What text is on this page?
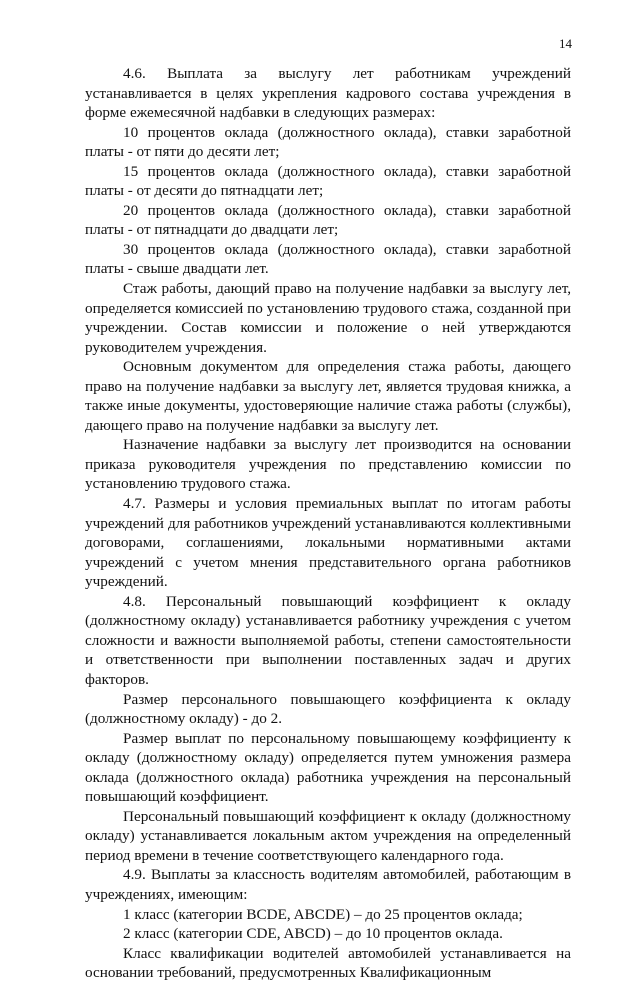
14

4.6. Выплата за выслугу лет работникам учреждений устанавливается в целях укрепления кадрового состава учреждения в форме ежемесячной надбавки в следующих размерах:

10 процентов оклада (должностного оклада), ставки заработной платы - от пяти до десяти лет;

15 процентов оклада (должностного оклада), ставки заработной платы - от десяти до пятнадцати лет;

20 процентов оклада (должностного оклада), ставки заработной платы - от пятнадцати до двадцати лет;

30 процентов оклада (должностного оклада), ставки заработной платы - свыше двадцати лет.

Стаж работы, дающий право на получение надбавки за выслугу лет, определяется комиссией по установлению трудового стажа, созданной при учреждении. Состав комиссии и положение о ней утверждаются руководителем учреждения.

Основным документом для определения стажа работы, дающего право на получение надбавки за выслугу лет, является трудовая книжка, а также иные документы, удостоверяющие наличие стажа работы (службы), дающего право на получение надбавки за выслугу лет.

Назначение надбавки за выслугу лет производится на основании приказа руководителя учреждения по представлению комиссии по установлению трудового стажа.

4.7. Размеры и условия премиальных выплат по итогам работы учреждений для работников учреждений устанавливаются коллективными договорами, соглашениями, локальными нормативными актами учреждений с учетом мнения представительного органа работников учреждений.

4.8. Персональный повышающий коэффициент к окладу (должностному окладу) устанавливается работнику учреждения с учетом сложности и важности выполняемой работы, степени самостоятельности и ответственности при выполнении поставленных задач и других факторов.

Размер персонального повышающего коэффициента к окладу (должностному окладу) - до 2.

Размер выплат по персональному повышающему коэффициенту к окладу (должностному окладу) определяется путем умножения размера оклада (должностного оклада) работника учреждения на персональный повышающий коэффициент.

Персональный повышающий коэффициент к окладу (должностному окладу) устанавливается локальным актом учреждения на определенный период времени в течение соответствующего календарного года.

4.9. Выплаты за классность водителям автомобилей, работающим в учреждениях, имеющим:

1 класс (категории BCDE, ABCDE) – до 25 процентов оклада;

2 класс (категории CDE, ABCD) – до 10 процентов оклада.

Класс квалификации водителей автомобилей устанавливается на основании требований, предусмотренных Квалификационным
